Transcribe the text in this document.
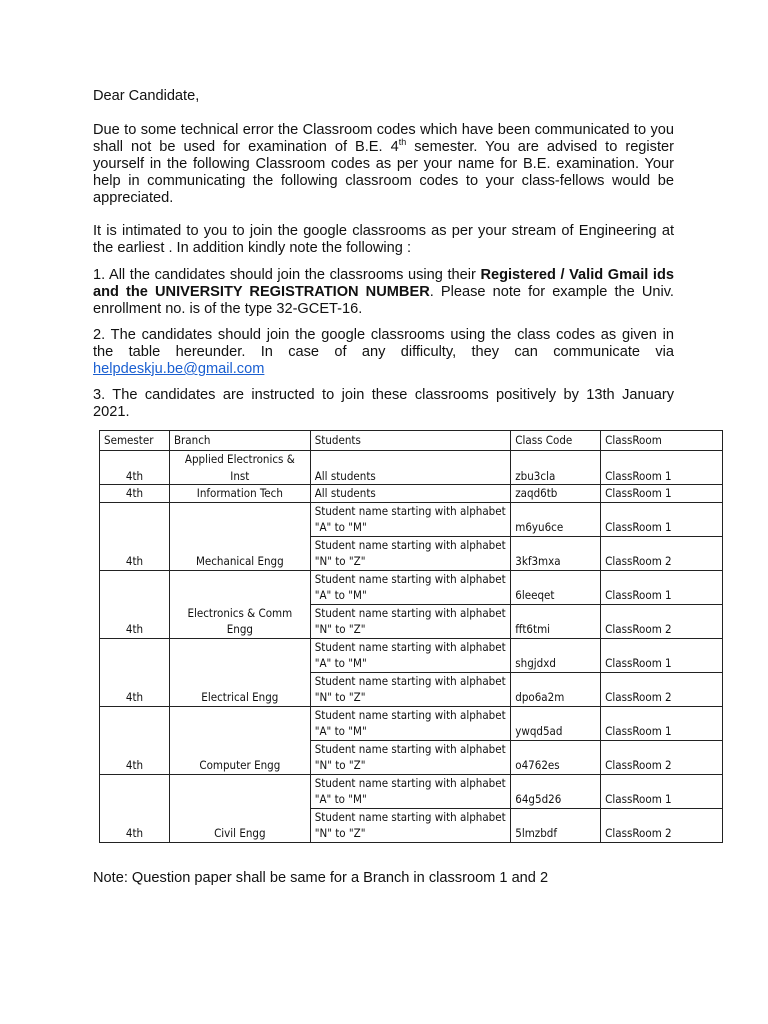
Dear Candidate,

Due to some technical error the Classroom codes which have been communicated to you shall not be used for examination of B.E. 4th semester. You are advised to register yourself in the following Classroom codes as per your name for B.E. examination. Your help in communicating the following classroom codes to your class-fellows would be appreciated.

It is intimated to you to join the google classrooms as per your stream of Engineering at the earliest . In addition kindly note the following :

1. All the candidates should join the classrooms using their Registered / Valid Gmail ids and the UNIVERSITY REGISTRATION NUMBER. Please note for example the Univ. enrollment no. is of the type 32-GCET-16.

2. The candidates should join the google classrooms using the class codes as given in the table hereunder. In case of any difficulty, they can communicate via helpdeskju.be@gmail.com

3. The candidates are instructed to join these classrooms positively by 13th January 2021.

Semester	Branch	Students	Class Code	ClassRoom
4th	Applied Electronics & Inst	All students	zbu3cla	ClassRoom 1
4th	Information Tech	All students	zaqd6tb	ClassRoom 1
4th	Mechanical Engg	Student name starting with alphabet "A" to "M"	m6yu6ce	ClassRoom 1
		Student name starting with alphabet "N" to "Z"	3kf3mxa	ClassRoom 2
4th	Electronics & Comm Engg	Student name starting with alphabet "A" to "M"	6leeqet	ClassRoom 1
		Student name starting with alphabet "N" to "Z"	fft6tmi	ClassRoom 2
4th	Electrical Engg	Student name starting with alphabet "A" to "M"	shgjdxd	ClassRoom 1
		Student name starting with alphabet "N" to "Z"	dpo6a2m	ClassRoom 2
4th	Computer Engg	Student name starting with alphabet "A" to "M"	ywqd5ad	ClassRoom 1
		Student name starting with alphabet "N" to "Z"	o4762es	ClassRoom 2
4th	Civil Engg	Student name starting with alphabet "A" to "M"	64g5d26	ClassRoom 1
		Student name starting with alphabet "N" to "Z"	5lmzbdf	ClassRoom 2

Note: Question paper shall be same for a Branch in classroom 1 and 2
